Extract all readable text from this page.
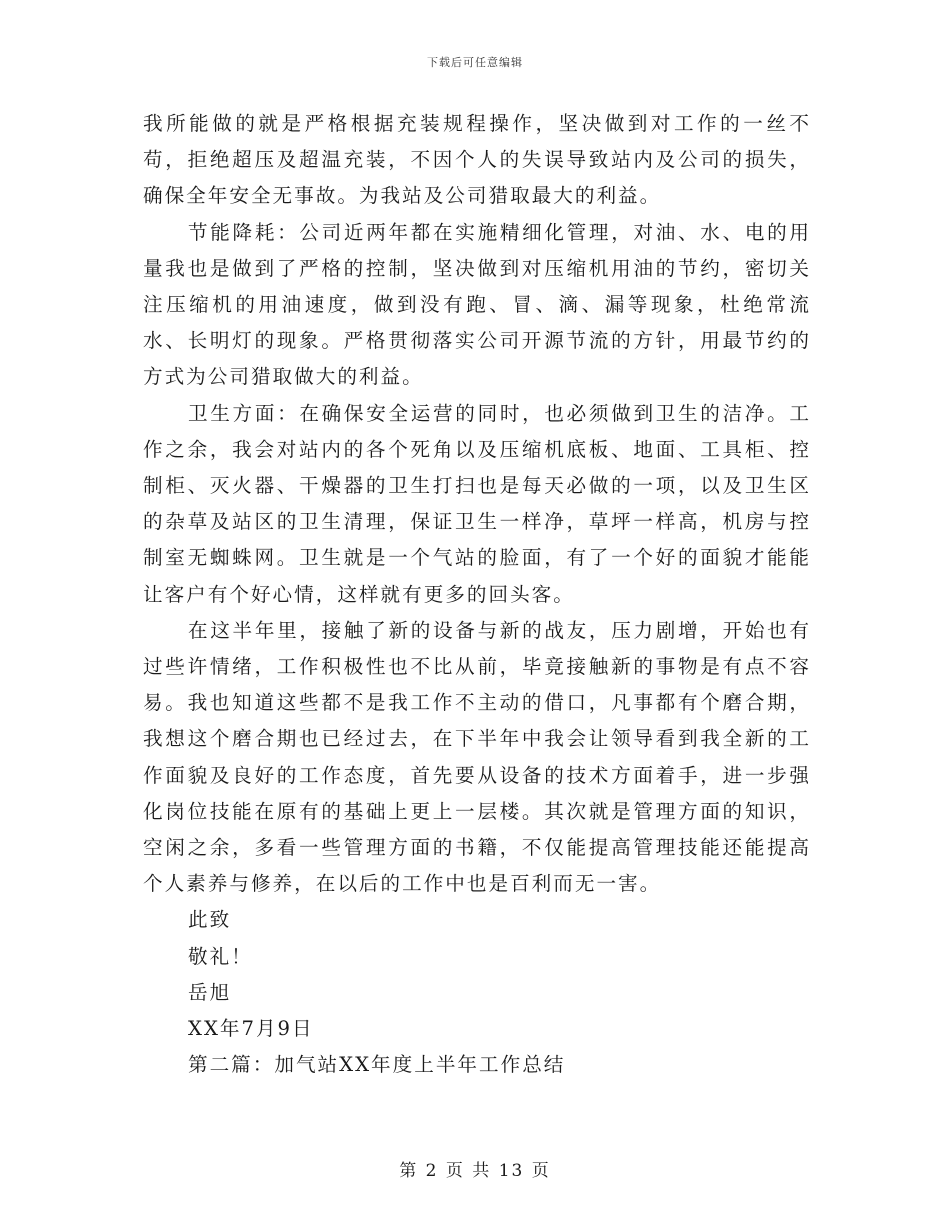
下载后可任意编辑

我所能做的就是严格根据充装规程操作，坚决做到对工作的一丝不苟，拒绝超压及超温充装，不因个人的失误导致站内及公司的损失，确保全年安全无事故。为我站及公司猎取最大的利益。

节能降耗：公司近两年都在实施精细化管理，对油、水、电的用量我也是做到了严格的控制，坚决做到对压缩机用油的节约，密切关注压缩机的用油速度，做到没有跑、冒、滴、漏等现象，杜绝常流水、长明灯的现象。严格贯彻落实公司开源节流的方针，用最节约的方式为公司猎取做大的利益。

卫生方面：在确保安全运营的同时，也必须做到卫生的洁净。工作之余，我会对站内的各个死角以及压缩机底板、地面、工具柜、控制柜、灭火器、干燥器的卫生打扫也是每天必做的一项，以及卫生区的杂草及站区的卫生清理，保证卫生一样净，草坪一样高，机房与控制室无蜘蛛网。卫生就是一个气站的脸面，有了一个好的面貌才能能让客户有个好心情，这样就有更多的回头客。

在这半年里，接触了新的设备与新的战友，压力剧增，开始也有过些许情绪，工作积极性也不比从前，毕竟接触新的事物是有点不容易。我也知道这些都不是我工作不主动的借口，凡事都有个磨合期，我想这个磨合期也已经过去，在下半年中我会让领导看到我全新的工作面貌及良好的工作态度，首先要从设备的技术方面着手，进一步强化岗位技能在原有的基础上更上一层楼。其次就是管理方面的知识，空闲之余，多看一些管理方面的书籍，不仅能提高管理技能还能提高个人素养与修养，在以后的工作中也是百利而无一害。

此致

敬礼！

岳旭

XX年7月9日

第二篇：加气站XX年度上半年工作总结

第 2 页 共 13 页
